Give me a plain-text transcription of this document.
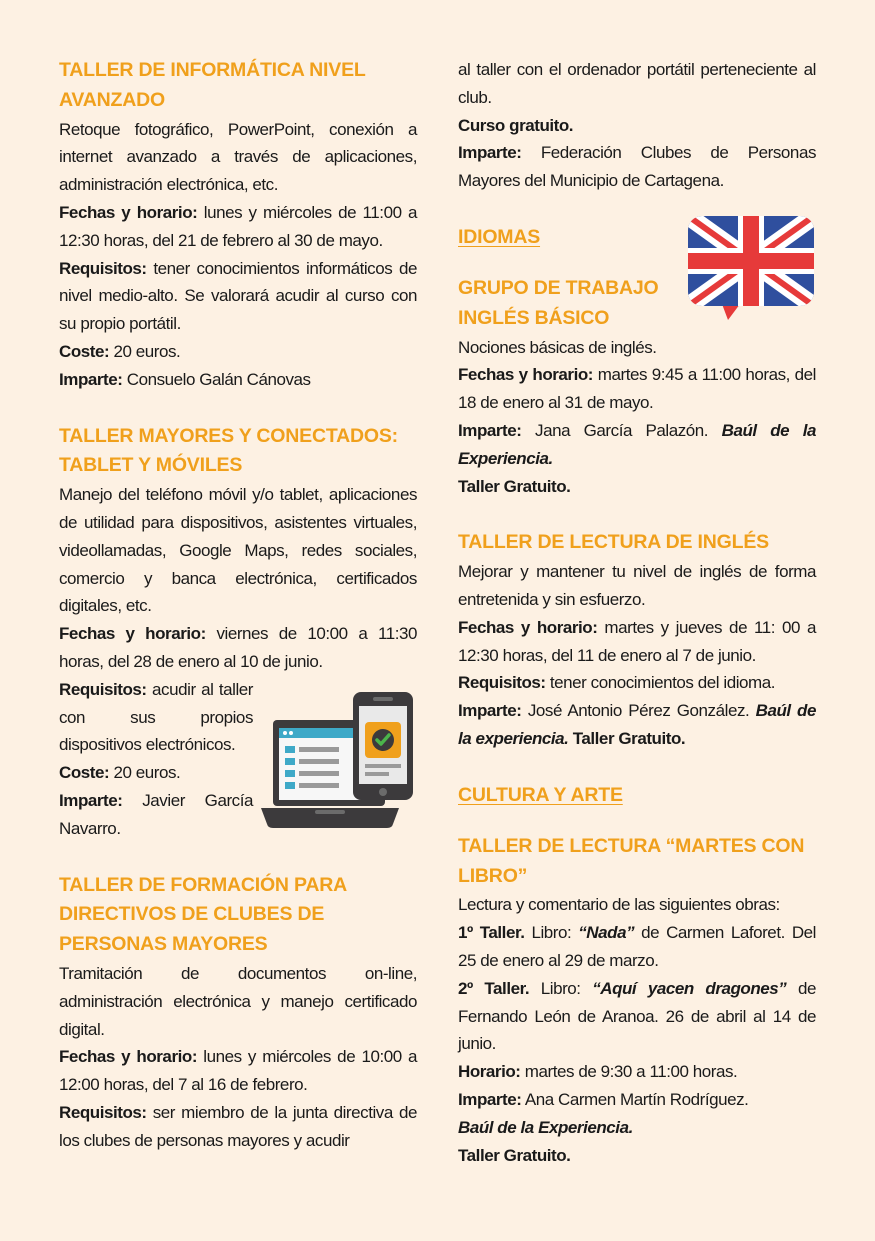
TALLER DE INFORMÁTICA NIVEL AVANZADO

Retoque fotográfico, PowerPoint, conexión a internet avanzado a través de aplicaciones, administración electrónica, etc.

Fechas y horario: lunes y miércoles de 11:00 a 12:30 horas, del 21 de febrero al 30 de mayo.

Requisitos: tener conocimientos informáticos de nivel medio-alto. Se valorará acudir al curso con su propio portátil.

Coste: 20 euros.

Imparte: Consuelo Galán Cánovas

TALLER MAYORES Y CONECTADOS: TABLET Y MÓVILES

Manejo del teléfono móvil y/o tablet, aplicaciones de utilidad para dispositivos, asistentes virtuales, videollamadas, Google Maps, redes sociales, comercio y banca electrónica, certificados digitales, etc.

Fechas y horario: viernes de 10:00 a 11:30 horas, del 28 de enero al 10 de junio.

Requisitos: acudir al taller con sus propios dispositivos electrónicos.

Coste: 20 euros.

Imparte: Javier García Navarro.

TALLER DE FORMACIÓN PARA DIRECTIVOS DE CLUBES DE PERSONAS MAYORES

Tramitación de documentos on-line, administración electrónica y manejo certificado digital.

Fechas y horario: lunes y miércoles de 10:00 a 12:00 horas, del 7 al 16 de febrero.

Requisitos: ser miembro de la junta directiva de los clubes de personas mayores y acudir

al taller con el ordenador portátil perteneciente al club.

Curso gratuito.

Imparte: Federación Clubes de Personas Mayores del Municipio de Cartagena.

IDIOMAS
GRUPO DE TRABAJO INGLÉS BÁSICO

Nociones básicas de inglés.

Fechas y horario: martes 9:45 a 11:00 horas, del 18 de enero al 31 de mayo.

Imparte: Jana García Palazón. Baúl de la Experiencia.

Taller Gratuito.

TALLER DE LECTURA DE INGLÉS

Mejorar y mantener tu nivel de inglés de forma entretenida y sin esfuerzo.

Fechas y horario: martes y jueves de 11: 00 a 12:30 horas, del 11 de enero al 7 de junio.

Requisitos: tener conocimientos del idioma.

Imparte: José Antonio Pérez González. Baúl de la experiencia. Taller Gratuito.

CULTURA Y ARTE
TALLER DE LECTURA “MARTES CON LIBRO”

Lectura y comentario de las siguientes obras:

1º Taller. Libro: “Nada” de Carmen Laforet. Del 25 de enero al 29 de marzo.

2º Taller. Libro: “Aquí yacen dragones” de Fernando León de Aranoa. 26 de abril al 14 de junio.

Horario: martes de 9:30 a 11:00 horas.

Imparte: Ana Carmen Martín Rodríguez.

Baúl de la Experiencia.

Taller Gratuito.
